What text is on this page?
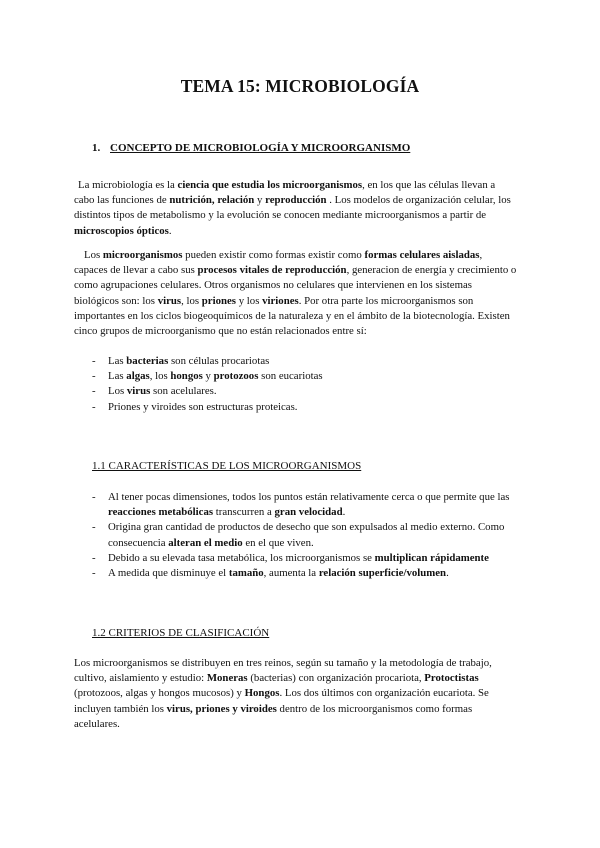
TEMA 15: MICROBIOLOGÍA
1. CONCEPTO DE MICROBIOLOGÍA Y MICROORGANISMO
La microbiología es la ciencia que estudia los microorganismos, en los que las células llevan a
cabo las funciones de nutrición, relación y reproducción . Los modelos de organización celular, los
distintos tipos de metabolismo y la evolución se conocen mediante microorganismos a partir de
microscopios ópticos.
Los microorganismos pueden existir como formas existir como formas celulares aisladas,
capaces de llevar a cabo sus procesos vitales de reproducción, generacion de energía y crecimiento o
como agrupaciones celulares. Otros organismos no celulares que intervienen en los sistemas
biológicos son: los virus, los priones y los viriones. Por otra parte los microorganismos son
importantes en los ciclos biogeoquímicos de la naturaleza y en el ámbito de la biotecnología. Existen
cinco grupos de microorganismo que no están relacionados entre sí:
- Las bacterias son células procariotas
- Las algas, los hongos y protozoos son eucariotas
- Los virus son acelulares.
- Priones y viroides son estructuras proteicas.
1.1 CARACTERÍSTICAS DE LOS MICROORGANISMOS
- Al tener pocas dimensiones, todos los puntos están relativamente cerca o que permite que las
reacciones metabólicas transcurren a gran velocidad.
- Origina gran cantidad de productos de desecho que son expulsados al medio externo. Como
consecuencia alteran el medio en el que viven.
- Debido a su elevada tasa metabólica, los microorganismos se multiplican rápidamente
- A medida que disminuye el tamaño, aumenta la relación superficie/volumen.
1.2 CRITERIOS DE CLASIFICACIÓN
Los microorganismos se distribuyen en tres reinos, según su tamaño y la metodología de trabajo,
cultivo, aislamiento y estudio: Moneras (bacterias) con organización procariota, Protoctistas
(protozoos, algas y hongos mucosos) y Hongos. Los dos últimos con organización eucariota. Se
incluyen también los virus, priones y viroides dentro de los microorganismos como formas
acelulares.
